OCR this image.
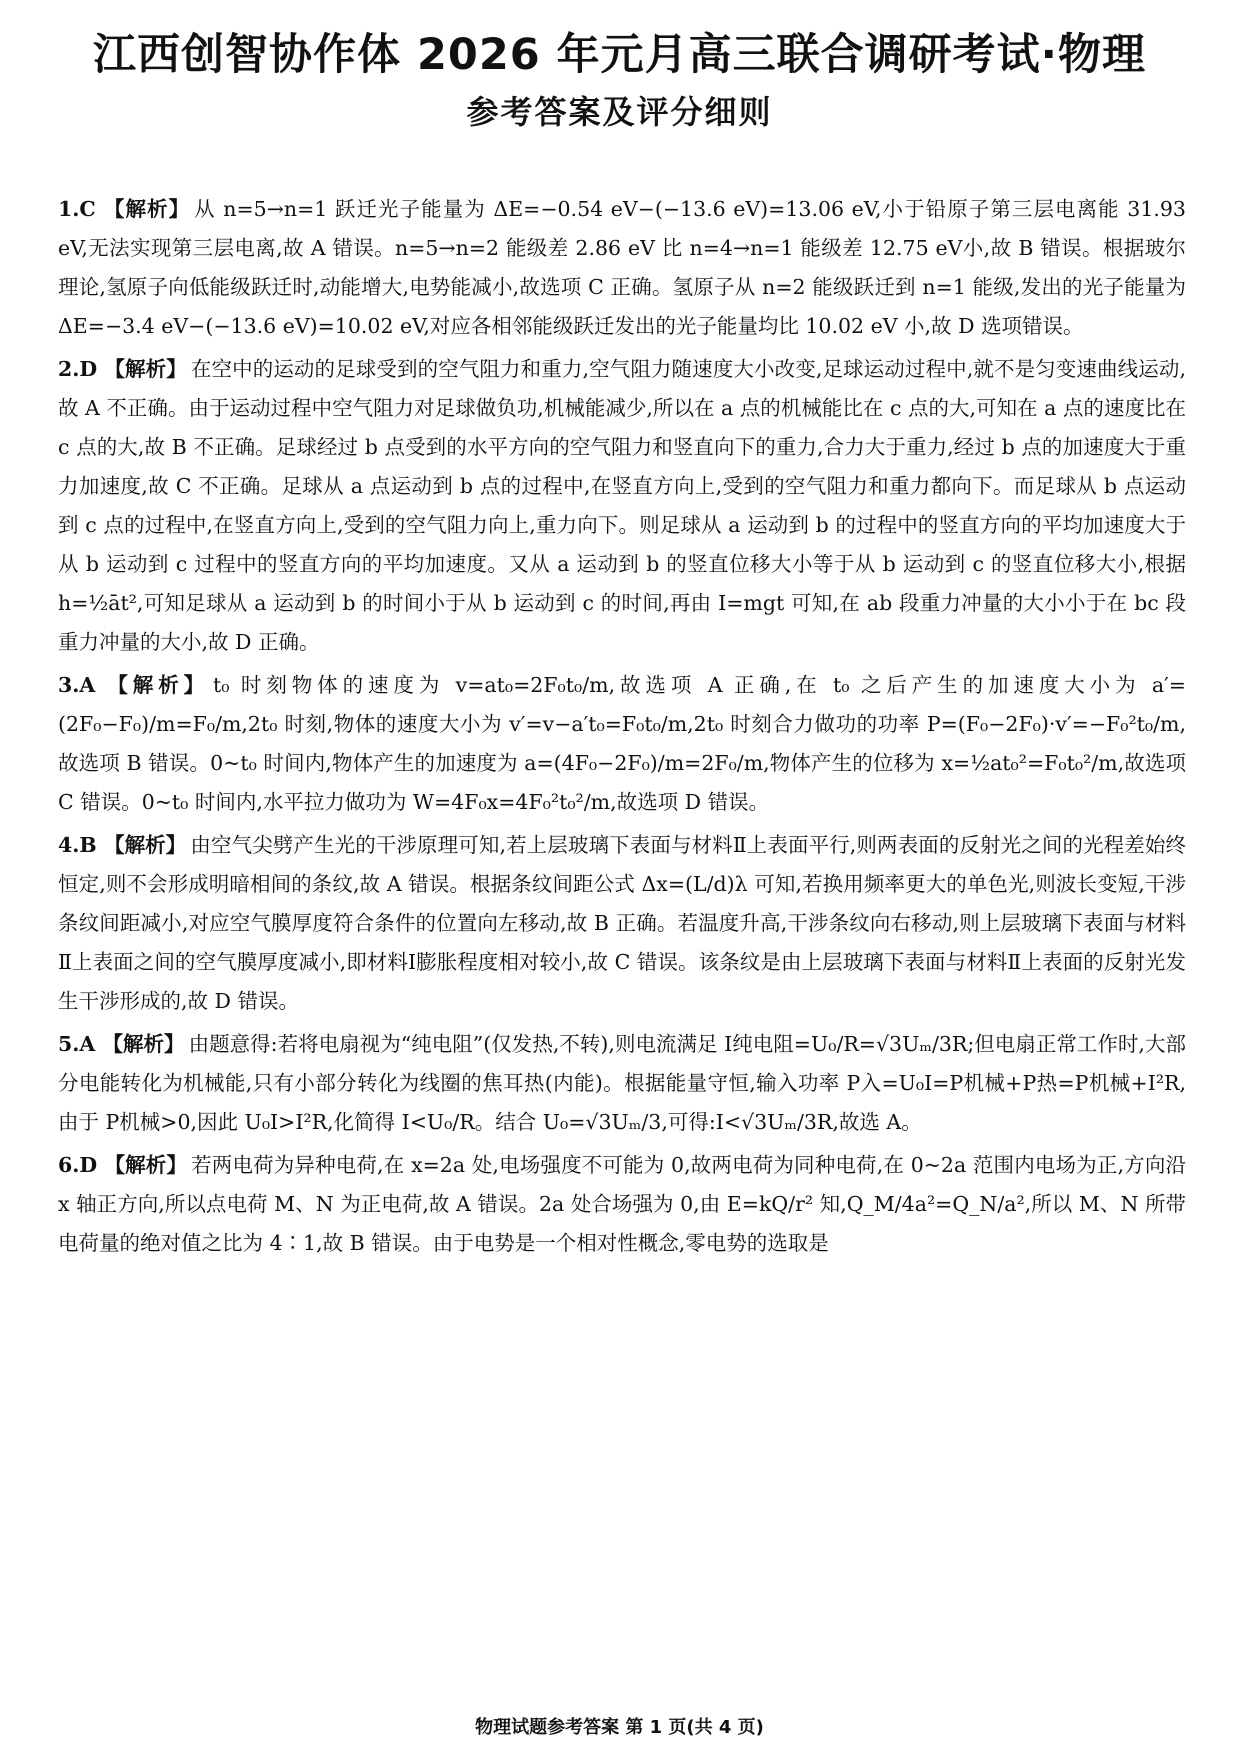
江西创智协作体 2026 年元月高三联合调研考试·物理
参考答案及评分细则

1.C 【解析】 从 n=5→n=1 跃迁光子能量为 ΔE=−0.54 eV−(−13.6 eV)=13.06 eV,小于铅原子第三层电离能 31.93 eV,无法实现第三层电离,故 A 错误。n=5→n=2 能级差 2.86 eV 比 n=4→n=1 能级差 12.75 eV小,故 B 错误。根据玻尔理论,氢原子向低能级跃迁时,动能增大,电势能减小,故选项 C 正确。氢原子从 n=2 能级跃迁到 n=1 能级,发出的光子能量为 ΔE=−3.4 eV−(−13.6 eV)=10.02 eV,对应各相邻能级跃迁发出的光子能量均比 10.02 eV 小,故 D 选项错误。

2.D 【解析】 在空中的运动的足球受到的空气阻力和重力,空气阻力随速度大小改变,足球运动过程中,就不是匀变速曲线运动,故 A 不正确。由于运动过程中空气阻力对足球做负功,机械能减少,所以在 a 点的机械能比在 c 点的大,可知在 a 点的速度比在 c 点的大,故 B 不正确。足球经过 b 点受到的水平方向的空气阻力和竖直向下的重力,合力大于重力,经过 b 点的加速度大于重力加速度,故 C 不正确。足球从 a 点运动到 b 点的过程中,在竖直方向上,受到的空气阻力和重力都向下。而足球从 b 点运动到 c 点的过程中,在竖直方向上,受到的空气阻力向上,重力向下。则足球从 a 运动到 b 的过程中的竖直方向的平均加速度大于从 b 运动到 c 过程中的竖直方向的平均加速度。又从 a 运动到 b 的竖直位移大小等于从 b 运动到 c 的竖直位移大小,根据 h=½āt²,可知足球从 a 运动到 b 的时间小于从 b 运动到 c 的时间,再由 I=mgt 可知,在 ab 段重力冲量的大小小于在 bc 段重力冲量的大小,故 D 正确。

3.A 【解析】 t₀ 时刻物体的速度为 v=at₀=2F₀t₀/m,故选项 A 正确,在 t₀ 之后产生的加速度大小为 a′=(2F₀−F₀)/m=F₀/m,2t₀ 时刻,物体的速度大小为 v′=v−a′t₀=F₀t₀/m,2t₀ 时刻合力做功的功率 P=(F₀−2F₀)·v′=−F₀²t₀/m,故选项 B 错误。0~t₀ 时间内,物体产生的加速度为 a=(4F₀−2F₀)/m=2F₀/m,物体产生的位移为 x=½at₀²=F₀t₀²/m,故选项 C 错误。0~t₀ 时间内,水平拉力做功为 W=4F₀x=4F₀²t₀²/m,故选项 D 错误。

4.B 【解析】 由空气尖劈产生光的干涉原理可知,若上层玻璃下表面与材料Ⅱ上表面平行,则两表面的反射光之间的光程差始终恒定,则不会形成明暗相间的条纹,故 A 错误。根据条纹间距公式 Δx=(L/d)λ 可知,若换用频率更大的单色光,则波长变短,干涉条纹间距减小,对应空气膜厚度符合条件的位置向左移动,故 B 正确。若温度升高,干涉条纹向右移动,则上层玻璃下表面与材料Ⅱ上表面之间的空气膜厚度减小,即材料Ⅰ膨胀程度相对较小,故 C 错误。该条纹是由上层玻璃下表面与材料Ⅱ上表面的反射光发生干涉形成的,故 D 错误。

5.A 【解析】 由题意得:若将电扇视为“纯电阻”(仅发热,不转),则电流满足 I纯电阻=U₀/R=√3Uₘ/3R;但电扇正常工作时,大部分电能转化为机械能,只有小部分转化为线圈的焦耳热(内能)。根据能量守恒,输入功率 P入=U₀I=P机械+P热=P机械+I²R,由于 P机械>0,因此 U₀I>I²R,化简得 I<U₀/R。结合 U₀=√3Uₘ/3,可得:I<√3Uₘ/3R,故选 A。

6.D 【解析】 若两电荷为异种电荷,在 x=2a 处,电场强度不可能为 0,故两电荷为同种电荷,在 0~2a 范围内电场为正,方向沿 x 轴正方向,所以点电荷 M、N 为正电荷,故 A 错误。2a 处合场强为 0,由 E=kQ/r² 知,Q_M/4a²=Q_N/a²,所以 M、N 所带电荷量的绝对值之比为 4∶1,故 B 错误。由于电势是一个相对性概念,零电势的选取是

物理试题参考答案 第 1 页(共 4 页)
